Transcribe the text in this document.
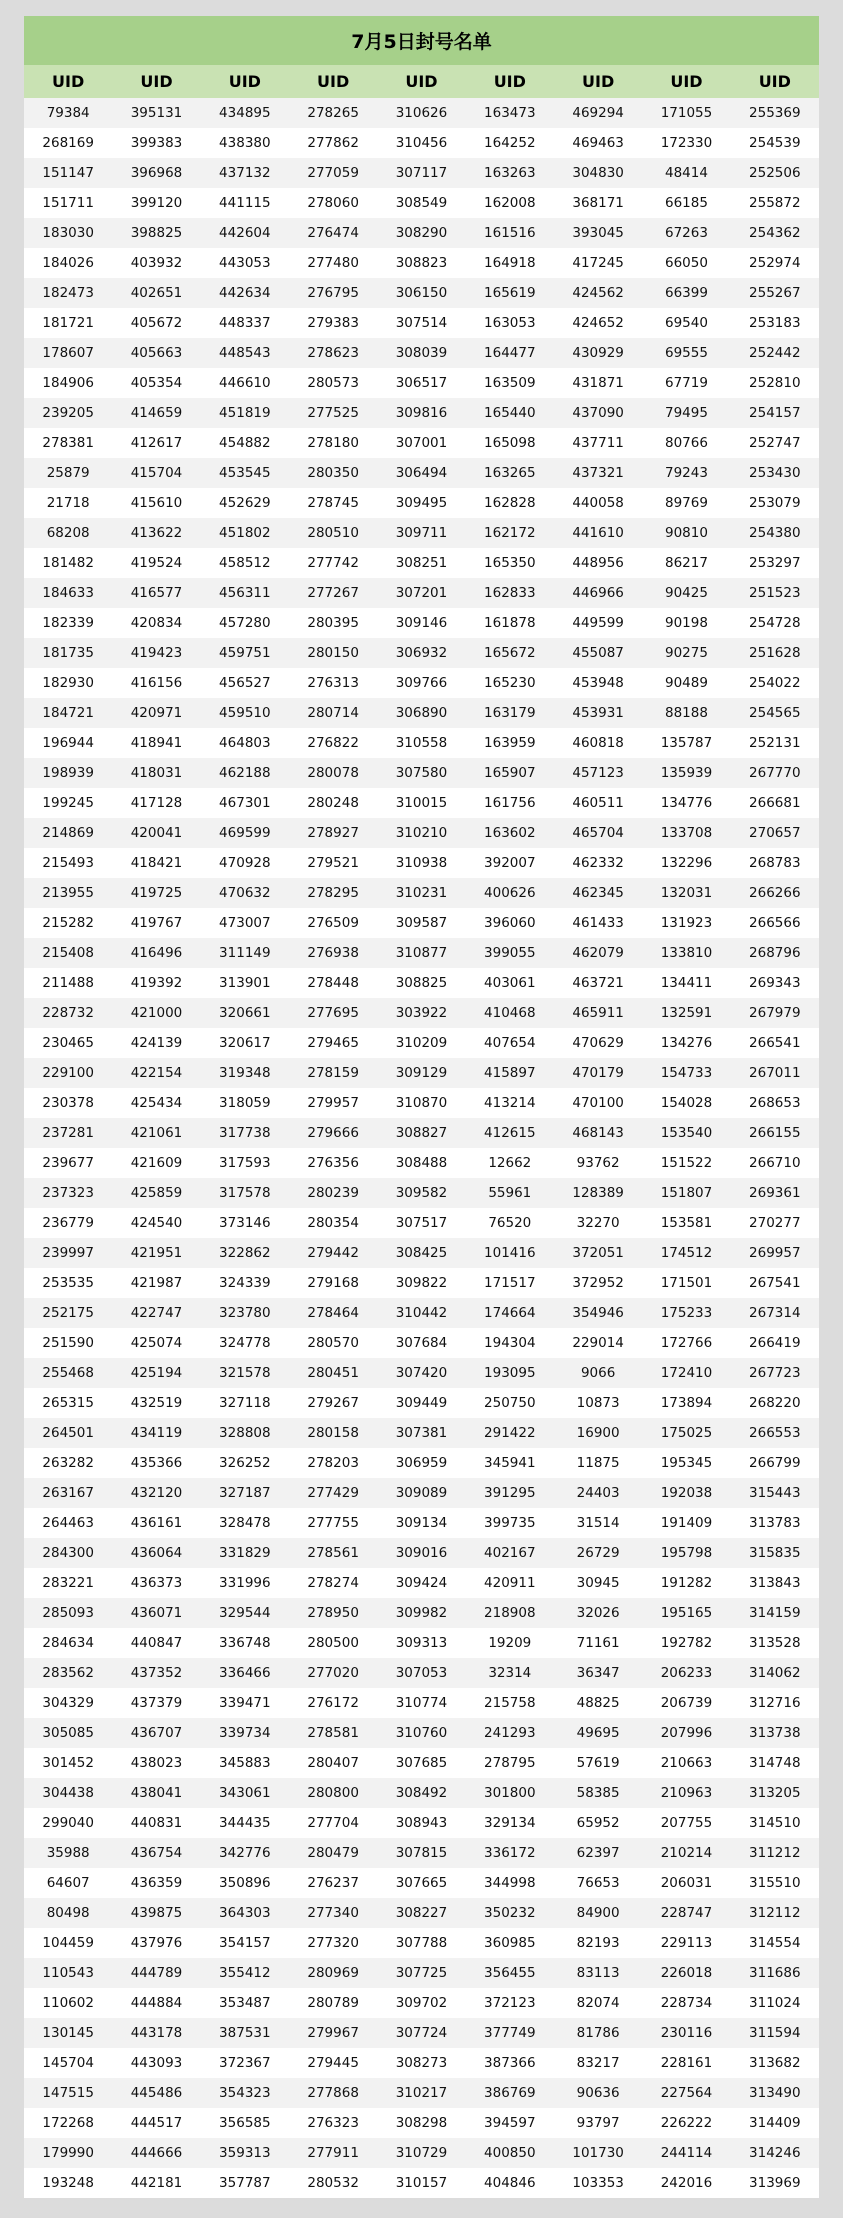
7月5日封号名单
UID	UID	UID	UID	UID	UID	UID	UID	UID
79384	395131	434895	278265	310626	163473	469294	171055	255369
268169	399383	438380	277862	310456	164252	469463	172330	254539
151147	396968	437132	277059	307117	163263	304830	48414	252506
151711	399120	441115	278060	308549	162008	368171	66185	255872
183030	398825	442604	276474	308290	161516	393045	67263	254362
184026	403932	443053	277480	308823	164918	417245	66050	252974
182473	402651	442634	276795	306150	165619	424562	66399	255267
181721	405672	448337	279383	307514	163053	424652	69540	253183
178607	405663	448543	278623	308039	164477	430929	69555	252442
184906	405354	446610	280573	306517	163509	431871	67719	252810
239205	414659	451819	277525	309816	165440	437090	79495	254157
278381	412617	454882	278180	307001	165098	437711	80766	252747
25879	415704	453545	280350	306494	163265	437321	79243	253430
21718	415610	452629	278745	309495	162828	440058	89769	253079
68208	413622	451802	280510	309711	162172	441610	90810	254380
181482	419524	458512	277742	308251	165350	448956	86217	253297
184633	416577	456311	277267	307201	162833	446966	90425	251523
182339	420834	457280	280395	309146	161878	449599	90198	254728
181735	419423	459751	280150	306932	165672	455087	90275	251628
182930	416156	456527	276313	309766	165230	453948	90489	254022
184721	420971	459510	280714	306890	163179	453931	88188	254565
196944	418941	464803	276822	310558	163959	460818	135787	252131
198939	418031	462188	280078	307580	165907	457123	135939	267770
199245	417128	467301	280248	310015	161756	460511	134776	266681
214869	420041	469599	278927	310210	163602	465704	133708	270657
215493	418421	470928	279521	310938	392007	462332	132296	268783
213955	419725	470632	278295	310231	400626	462345	132031	266266
215282	419767	473007	276509	309587	396060	461433	131923	266566
215408	416496	311149	276938	310877	399055	462079	133810	268796
211488	419392	313901	278448	308825	403061	463721	134411	269343
228732	421000	320661	277695	303922	410468	465911	132591	267979
230465	424139	320617	279465	310209	407654	470629	134276	266541
229100	422154	319348	278159	309129	415897	470179	154733	267011
230378	425434	318059	279957	310870	413214	470100	154028	268653
237281	421061	317738	279666	308827	412615	468143	153540	266155
239677	421609	317593	276356	308488	12662	93762	151522	266710
237323	425859	317578	280239	309582	55961	128389	151807	269361
236779	424540	373146	280354	307517	76520	32270	153581	270277
239997	421951	322862	279442	308425	101416	372051	174512	269957
253535	421987	324339	279168	309822	171517	372952	171501	267541
252175	422747	323780	278464	310442	174664	354946	175233	267314
251590	425074	324778	280570	307684	194304	229014	172766	266419
255468	425194	321578	280451	307420	193095	9066	172410	267723
265315	432519	327118	279267	309449	250750	10873	173894	268220
264501	434119	328808	280158	307381	291422	16900	175025	266553
263282	435366	326252	278203	306959	345941	11875	195345	266799
263167	432120	327187	277429	309089	391295	24403	192038	315443
264463	436161	328478	277755	309134	399735	31514	191409	313783
284300	436064	331829	278561	309016	402167	26729	195798	315835
283221	436373	331996	278274	309424	420911	30945	191282	313843
285093	436071	329544	278950	309982	218908	32026	195165	314159
284634	440847	336748	280500	309313	19209	71161	192782	313528
283562	437352	336466	277020	307053	32314	36347	206233	314062
304329	437379	339471	276172	310774	215758	48825	206739	312716
305085	436707	339734	278581	310760	241293	49695	207996	313738
301452	438023	345883	280407	307685	278795	57619	210663	314748
304438	438041	343061	280800	308492	301800	58385	210963	313205
299040	440831	344435	277704	308943	329134	65952	207755	314510
35988	436754	342776	280479	307815	336172	62397	210214	311212
64607	436359	350896	276237	307665	344998	76653	206031	315510
80498	439875	364303	277340	308227	350232	84900	228747	312112
104459	437976	354157	277320	307788	360985	82193	229113	314554
110543	444789	355412	280969	307725	356455	83113	226018	311686
110602	444884	353487	280789	309702	372123	82074	228734	311024
130145	443178	387531	279967	307724	377749	81786	230116	311594
145704	443093	372367	279445	308273	387366	83217	228161	313682
147515	445486	354323	277868	310217	386769	90636	227564	313490
172268	444517	356585	276323	308298	394597	93797	226222	314409
179990	444666	359313	277911	310729	400850	101730	244114	314246
193248	442181	357787	280532	310157	404846	103353	242016	313969
